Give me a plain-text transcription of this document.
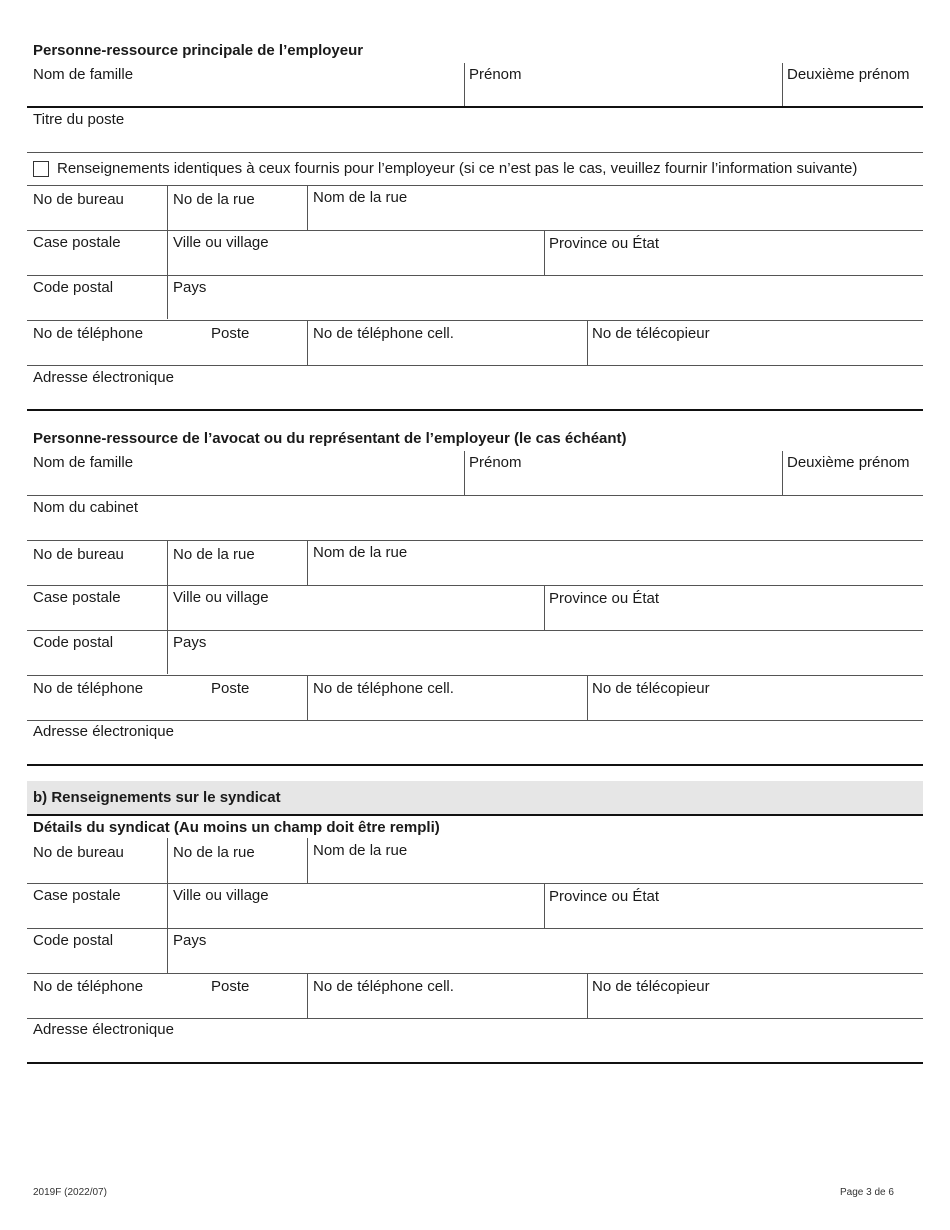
Personne-ressource principale de l’employeur
Nom de famille	Prénom	Deuxième prénom
Titre du poste
Renseignements identiques à ceux fournis pour l’employeur (si ce n’est pas le cas, veuillez fournir l’information suivante)
No de bureau	No de la rue	Nom de la rue
Case postale	Ville ou village	Province ou État
Code postal	Pays
No de téléphone	Poste	No de téléphone cell.	No de télécopieur
Adresse électronique
Personne-ressource de l’avocat ou du représentant de l’employeur (le cas échéant)
Nom de famille	Prénom	Deuxième prénom
Nom du cabinet
No de bureau	No de la rue	Nom de la rue
Case postale	Ville ou village	Province ou État
Code postal	Pays
No de téléphone	Poste	No de téléphone cell.	No de télécopieur
Adresse électronique
b) Renseignements sur le syndicat
Détails du syndicat (Au moins un champ doit être rempli)
No de bureau	No de la rue	Nom de la rue
Case postale	Ville ou village	Province ou État
Code postal	Pays
No de téléphone	Poste	No de téléphone cell.	No de télécopieur
Adresse électronique
2019F (2022/07)	Page 3 de 6
